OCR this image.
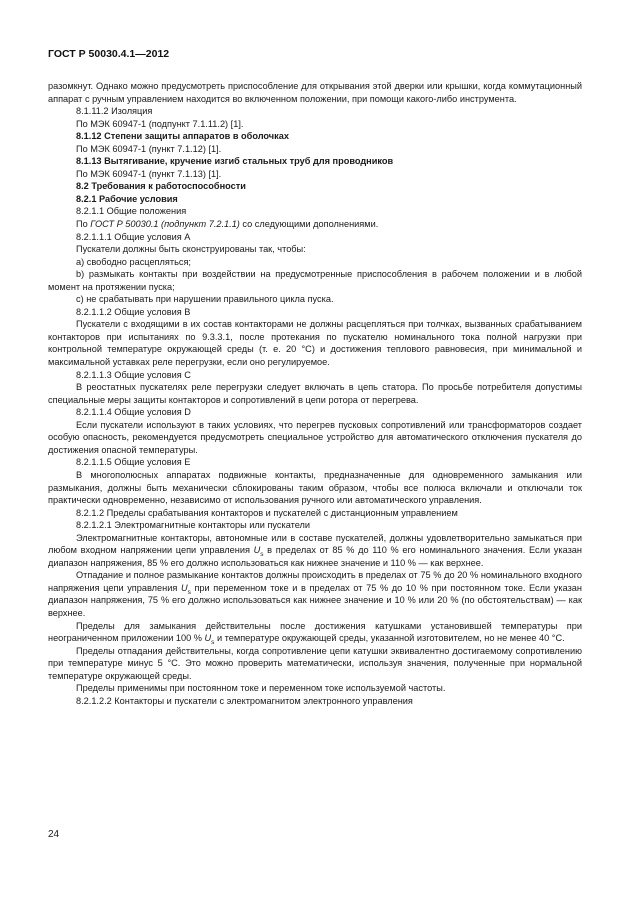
ГОСТ Р 50030.4.1—2012

разомкнут. Однако можно предусмотреть приспособление для открывания этой дверки или крышки, когда коммутационный аппарат с ручным управлением находится во включенном положении, при помощи какого-либо инструмента.

8.1.11.2 Изоляция

По МЭК 60947-1 (подпункт 7.1.11.2) [1].

8.1.12 Степени защиты аппаратов в оболочках

По МЭК 60947-1 (пункт 7.1.12) [1].

8.1.13 Вытягивание, кручение изгиб стальных труб для проводников

По МЭК 60947-1 (пункт 7.1.13) [1].

8.2 Требования к работоспособности

8.2.1 Рабочие условия

8.2.1.1 Общие положения

По ГОСТ Р 50030.1 (подпункт 7.2.1.1) со следующими дополнениями.

8.2.1.1.1 Общие условия А

Пускатели должны быть сконструированы так, чтобы:

а) свободно расцепляться;

b) размыкать контакты при воздействии на предусмотренные приспособления в рабочем положении и в любой момент на протяжении пуска;

c) не срабатывать при нарушении правильного цикла пуска.

8.2.1.1.2 Общие условия В

Пускатели с входящими в их состав контакторами не должны расцепляться при толчках, вызванных срабатыванием контакторов при испытаниях по 9.3.3.1, после протекания по пускателю номинального тока полной нагрузки при контрольной температуре окружающей среды (т. е. 20 °C) и достижения теплового равновесия, при минимальной и максимальной уставках реле перегрузки, если оно регулируемое.

8.2.1.1.3 Общие условия С

В реостатных пускателях реле перегрузки следует включать в цепь статора. По просьбе потребителя допустимы специальные меры защиты контакторов и сопротивлений в цепи ротора от перегрева.

8.2.1.1.4 Общие условия D

Если пускатели используют в таких условиях, что перегрев пусковых сопротивлений или трансформаторов создает особую опасность, рекомендуется предусмотреть специальное устройство для автоматического отключения пускателя до достижения опасной температуры.

8.2.1.1.5 Общие условия Е

В многополюсных аппаратах подвижные контакты, предназначенные для одновременного замыкания или размыкания, должны быть механически сблокированы таким образом, чтобы все полюса включали и отключали ток практически одновременно, независимо от использования ручного или автоматического управления.

8.2.1.2 Пределы срабатывания контакторов и пускателей с дистанционным управлением

8.2.1.2.1 Электромагнитные контакторы или пускатели

Электромагнитные контакторы, автономные или в составе пускателей, должны удовлетворительно замыкаться при любом входном напряжении цепи управления $U_s$ в пределах от 85 % до 110 % его номинального значения. Если указан диапазон напряжения, 85 % его должно использоваться как нижнее значение и 110 % — как верхнее.

Отпадание и полное размыкание контактов должны происходить в пределах от 75 % до 20 % номинального входного напряжения цепи управления $U_s$ при переменном токе и в пределах от 75 % до 10 % при постоянном токе. Если указан диапазон напряжения, 75 % его должно использоваться как нижнее значение и 10 % или 20 % (по обстоятельствам) — как верхнее.

Пределы для замыкания действительны после достижения катушками установившей температуры при неограниченном приложении 100 % $U_s$ и температуре окружающей среды, указанной изготовителем, но не менее 40 °C.

Пределы отпадания действительны, когда сопротивление цепи катушки эквивалентно достигаемому сопротивлению при температуре минус 5 °C. Это можно проверить математически, используя значения, полученные при нормальной температуре окружающей среды.

Пределы применимы при постоянном токе и переменном токе используемой частоты.

8.2.1.2.2 Контакторы и пускатели с электромагнитом электронного управления

24
